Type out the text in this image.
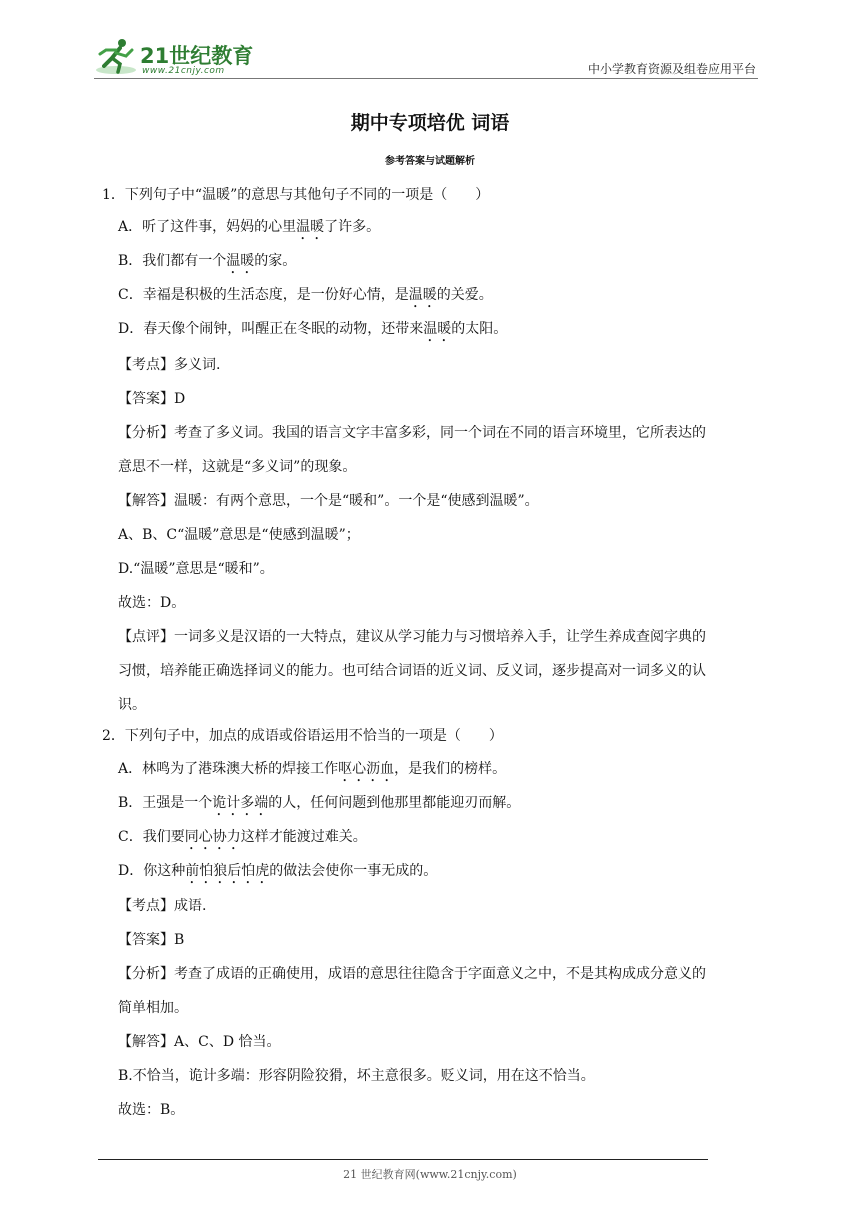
21世纪教育
www.21cnjy.com	中小学教育资源及组卷应用平台
期中专项培优 词语
参考答案与试题解析
1．下列句子中“温暖”的意思与其他句子不同的一项是（　　）
A．听了这件事，妈妈的心里温暖了许多。
B．我们都有一个温暖的家。
C．幸福是积极的生活态度，是一份好心情，是温暖的关爱。
D．春天像个闹钟，叫醒正在冬眠的动物，还带来温暖的太阳。
【考点】多义词.
【答案】D
【分析】考查了多义词。我国的语言文字丰富多彩，同一个词在不同的语言环境里，它所表达的
意思不一样，这就是“多义词”的现象。
【解答】温暖：有两个意思，一个是“暖和”。一个是“使感到温暖”。
A、B、C“温暖”意思是“使感到温暖”；
D.“温暖”意思是“暖和”。
故选：D。
【点评】一词多义是汉语的一大特点，建议从学习能力与习惯培养入手，让学生养成查阅字典的
习惯，培养能正确选择词义的能力。也可结合词语的近义词、反义词，逐步提高对一词多义的认
识。
2．下列句子中，加点的成语或俗语运用不恰当的一项是（　　）
A．林鸣为了港珠澳大桥的焊接工作呕心沥血，是我们的榜样。
B．王强是一个诡计多端的人，任何问题到他那里都能迎刃而解。
C．我们要同心协力这样才能渡过难关。
D．你这种前怕狼后怕虎的做法会使你一事无成的。
【考点】成语.
【答案】B
【分析】考查了成语的正确使用，成语的意思往往隐含于字面意义之中，不是其构成成分意义的
简单相加。
【解答】A、C、D 恰当。
B.不恰当，诡计多端：形容阴险狡猾，坏主意很多。贬义词，用在这不恰当。
故选：B。
21 世纪教育网(www.21cnjy.com)
